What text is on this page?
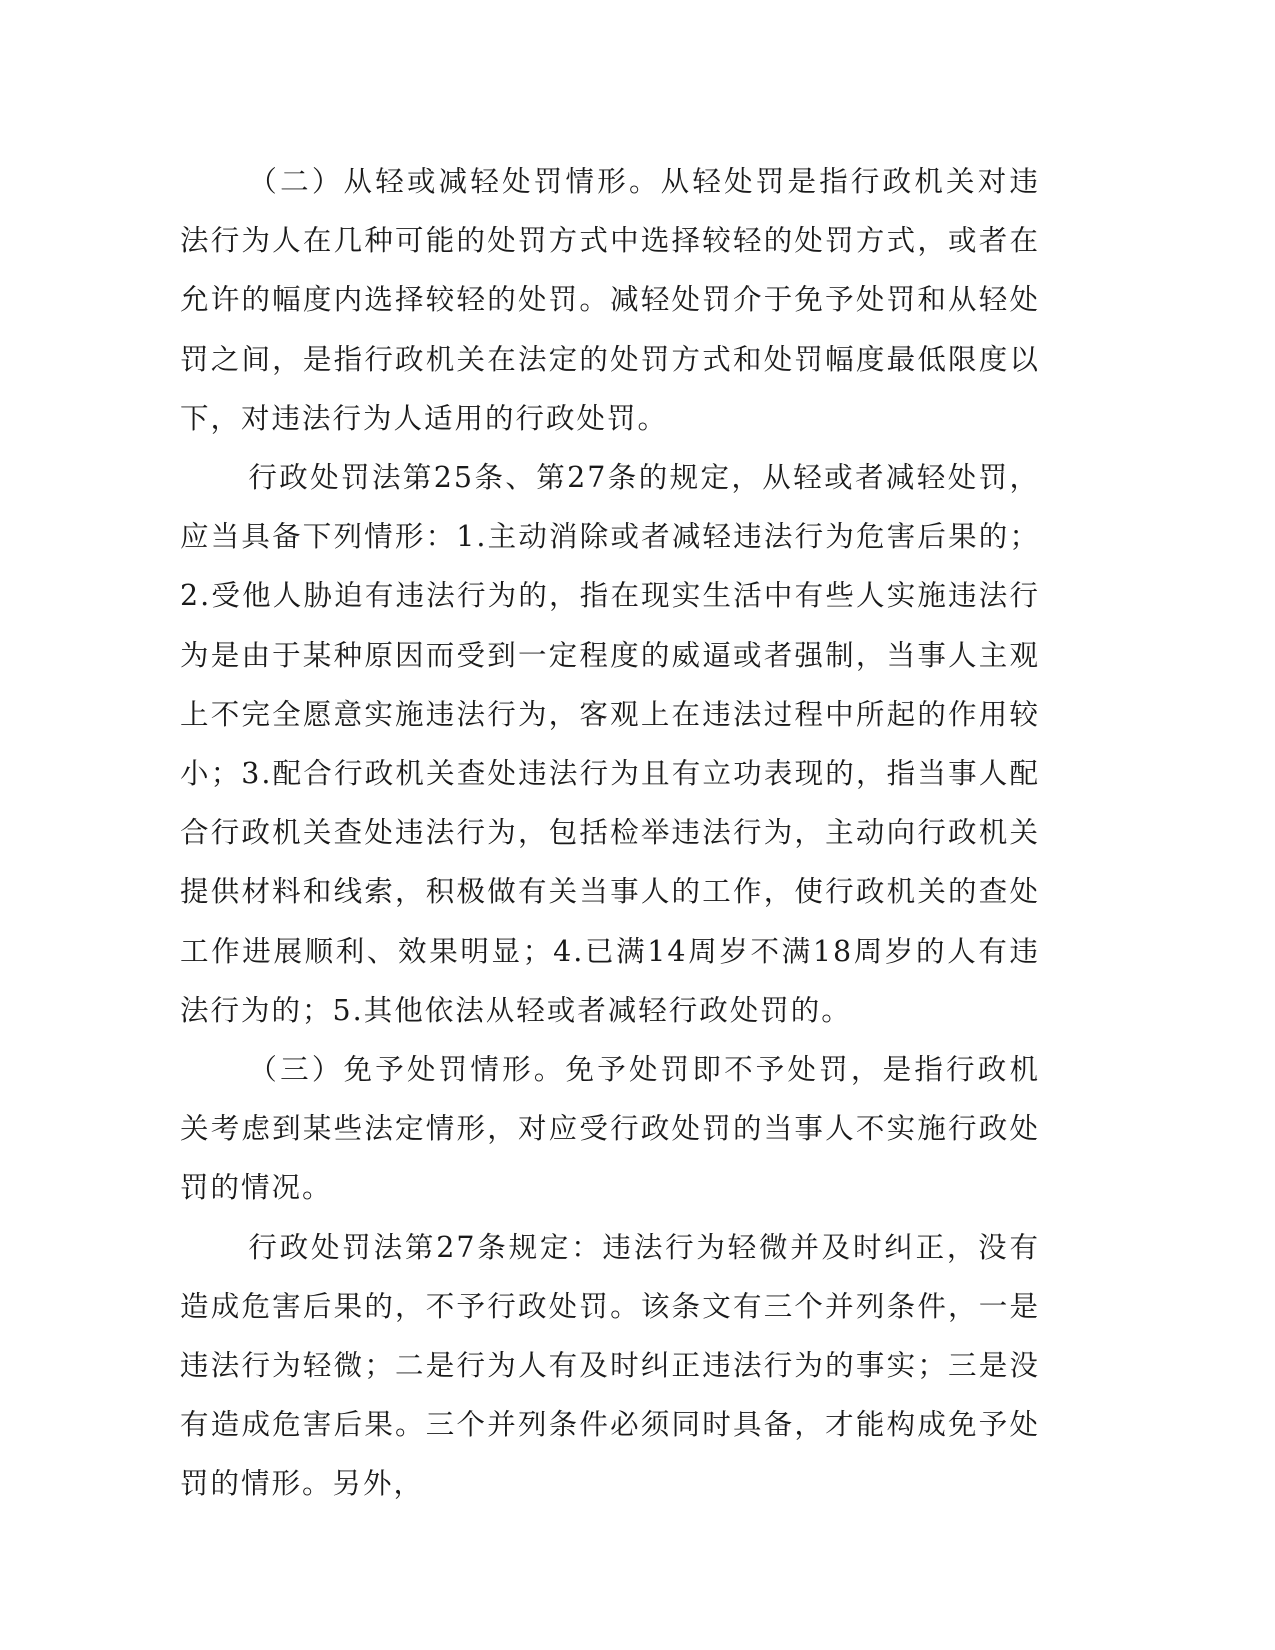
（二）从轻或减轻处罚情形。从轻处罚是指行政机关对违法行为人在几种可能的处罚方式中选择较轻的处罚方式，或者在允许的幅度内选择较轻的处罚。减轻处罚介于免予处罚和从轻处罚之间，是指行政机关在法定的处罚方式和处罚幅度最低限度以下，对违法行为人适用的行政处罚。

行政处罚法第25条、第27条的规定，从轻或者减轻处罚，应当具备下列情形：1.主动消除或者减轻违法行为危害后果的；2.受他人胁迫有违法行为的，指在现实生活中有些人实施违法行为是由于某种原因而受到一定程度的威逼或者强制，当事人主观上不完全愿意实施违法行为，客观上在违法过程中所起的作用较小；3.配合行政机关查处违法行为且有立功表现的，指当事人配合行政机关查处违法行为，包括检举违法行为，主动向行政机关提供材料和线索，积极做有关当事人的工作，使行政机关的查处工作进展顺利、效果明显；4.已满14周岁不满18周岁的人有违法行为的；5.其他依法从轻或者减轻行政处罚的。

（三）免予处罚情形。免予处罚即不予处罚，是指行政机关考虑到某些法定情形，对应受行政处罚的当事人不实施行政处罚的情况。

行政处罚法第27条规定：违法行为轻微并及时纠正，没有造成危害后果的，不予行政处罚。该条文有三个并列条件，一是违法行为轻微；二是行为人有及时纠正违法行为的事实；三是没有造成危害后果。三个并列条件必须同时具备，才能构成免予处罚的情形。另外，
